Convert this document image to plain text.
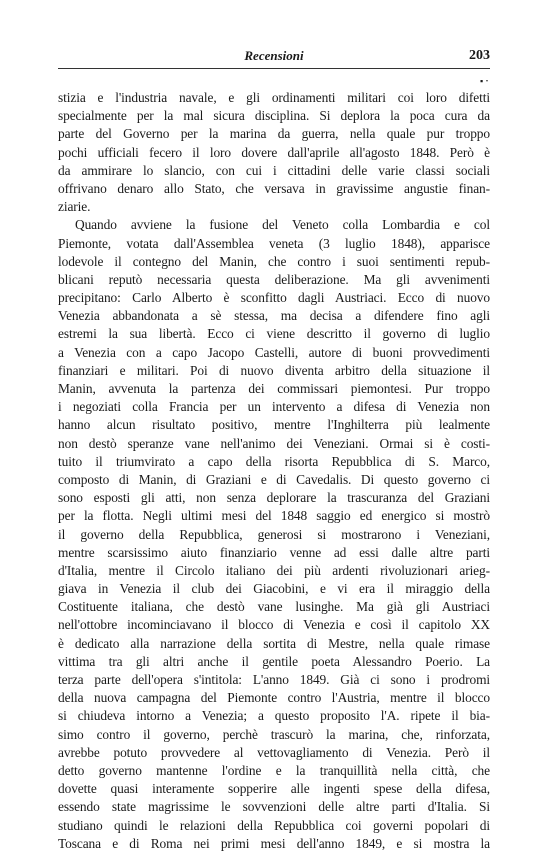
Recensioni	203
▪ ·
stizia e l'industria navale, e gli ordinamenti militari coi loro difetti
specialmente per la mal sicura disciplina. Si deplora la poca cura da
parte del Governo per la marina da guerra, nella quale pur troppo
pochi ufficiali fecero il loro dovere dall'aprile all'agosto 1848. Però è
da ammirare lo slancio, con cui i cittadini delle varie classi sociali
offrivano denaro allo Stato, che versava in gravissime angustie finan-
ziarie.
Quando avviene la fusione del Veneto colla Lombardia e col
Piemonte, votata dall'Assemblea veneta (3 luglio 1848), apparisce
lodevole il contegno del Manin, che contro i suoi sentimenti repub-
blicani reputò necessaria questa deliberazione. Ma gli avvenimenti
precipitano: Carlo Alberto è sconfitto dagli Austriaci. Ecco di nuovo
Venezia abbandonata a sè stessa, ma decisa a difendere fino agli
estremi la sua libertà. Ecco ci viene descritto il governo di luglio
a Venezia con a capo Jacopo Castelli, autore di buoni provvedimenti
finanziari e militari. Poi di nuovo diventa arbitro della situazione il
Manin, avvenuta la partenza dei commissari piemontesi. Pur troppo
i negoziati colla Francia per un intervento a difesa di Venezia non
hanno alcun risultato positivo, mentre l'Inghilterra più lealmente
non destò speranze vane nell'animo dei Veneziani. Ormai si è costi-
tuito il triumvirato a capo della risorta Repubblica di S. Marco,
composto di Manin, di Graziani e di Cavedalis. Di questo governo ci
sono esposti gli atti, non senza deplorare la trascuranza del Graziani
per la flotta. Negli ultimi mesi del 1848 saggio ed energico si mostrò
il governo della Repubblica, generosi si mostrarono i Veneziani,
mentre scarsissimo aiuto finanziario venne ad essi dalle altre parti
d'Italia, mentre il Circolo italiano dei più ardenti rivoluzionari arieg-
giava in Venezia il club dei Giacobini, e vi era il miraggio della
Costituente italiana, che destò vane lusinghe. Ma già gli Austriaci
nell'ottobre incominciavano il blocco di Venezia e così il capitolo XX
è dedicato alla narrazione della sortita di Mestre, nella quale rimase
vittima tra gli altri anche il gentile poeta Alessandro Poerio. La
terza parte dell'opera s'intitola: L'anno 1849. Già ci sono i prodromi
della nuova campagna del Piemonte contro l'Austria, mentre il blocco
si chiudeva intorno a Venezia; a questo proposito l'A. ripete il bia-
simo contro il governo, perchè trascurò la marina, che, rinforzata,
avrebbe potuto provvedere al vettovagliamento di Venezia. Però il
detto governo mantenne l'ordine e la tranquillità nella città, che
dovette quasi interamente sopperire alle ingenti spese della difesa,
essendo state magrissime le sovvenzioni delle altre parti d'Italia. Si
studiano quindi le relazioni della Repubblica coi governi popolari di
Toscana e di Roma nei primi mesi dell'anno 1849, e si mostra la
